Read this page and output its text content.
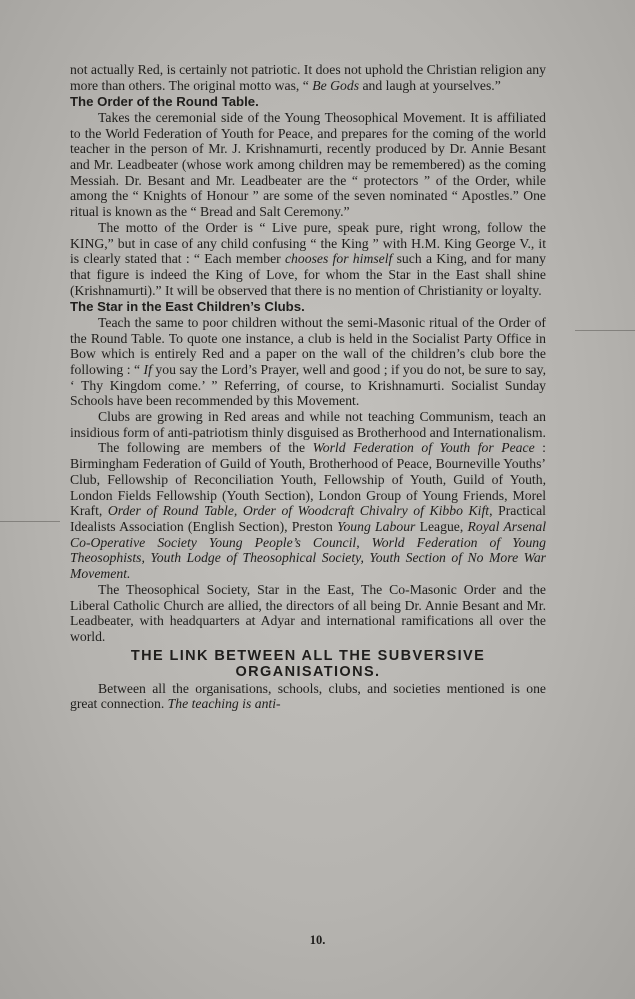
not actually Red, is certainly not patriotic. It does not uphold the Christian religion any more than others. The original motto was, “ Be Gods and laugh at yourselves.”

The Order of the Round Table.

Takes the ceremonial side of the Young Theosophical Movement. It is affiliated to the World Federation of Youth for Peace, and prepares for the coming of the world teacher in the person of Mr. J. Krishnamurti, recently produced by Dr. Annie Besant and Mr. Leadbeater (whose work among children may be remembered) as the coming Messiah. Dr. Besant and Mr. Leadbeater are the “ protectors ” of the Order, while among the “ Knights of Honour ” are some of the seven nominated “ Apostles.” One ritual is known as the “ Bread and Salt Ceremony.”

The motto of the Order is “ Live pure, speak pure, right wrong, follow the KING,” but in case of any child confusing “ the King ” with H.M. King George V., it is clearly stated that : “ Each member chooses for himself such a King, and for many that figure is indeed the King of Love, for whom the Star in the East shall shine (Krishnamurti).” It will be observed that there is no mention of Christianity or loyalty.

The Star in the East Children’s Clubs.

Teach the same to poor children without the semi-Masonic ritual of the Order of the Round Table. To quote one instance, a club is held in the Socialist Party Office in Bow which is entirely Red and a paper on the wall of the children’s club bore the following : “ If you say the Lord’s Prayer, well and good ; if you do not, be sure to say, ‘ Thy Kingdom come.’ ” Referring, of course, to Krishnamurti. Socialist Sunday Schools have been recommended by this Movement.

Clubs are growing in Red areas and while not teaching Communism, teach an insidious form of anti-patriotism thinly disguised as Brotherhood and Internationalism.

The following are members of the World Federation of Youth for Peace : Birmingham Federation of Guild of Youth, Brotherhood of Peace, Bourneville Youths’ Club, Fellowship of Reconciliation Youth, Fellowship of Youth, Guild of Youth, London Fields Fellowship (Youth Section), London Group of Young Friends, Morel Kraft, Order of Round Table, Order of Woodcraft Chivalry of Kibbo Kift, Practical Idealists Association (English Section), Preston Young Labour League, Royal Arsenal Co-Operative Society Young People’s Council, World Federation of Young Theosophists, Youth Lodge of Theosophical Society, Youth Section of No More War Movement.

The Theosophical Society, Star in the East, The Co-Masonic Order and the Liberal Catholic Church are allied, the directors of all being Dr. Annie Besant and Mr. Leadbeater, with headquarters at Adyar and international ramifications all over the world.

THE LINK BETWEEN ALL THE SUBVERSIVE
ORGANISATIONS.

Between all the organisations, schools, clubs, and societies mentioned is one great connection. The teaching is anti-

10.
